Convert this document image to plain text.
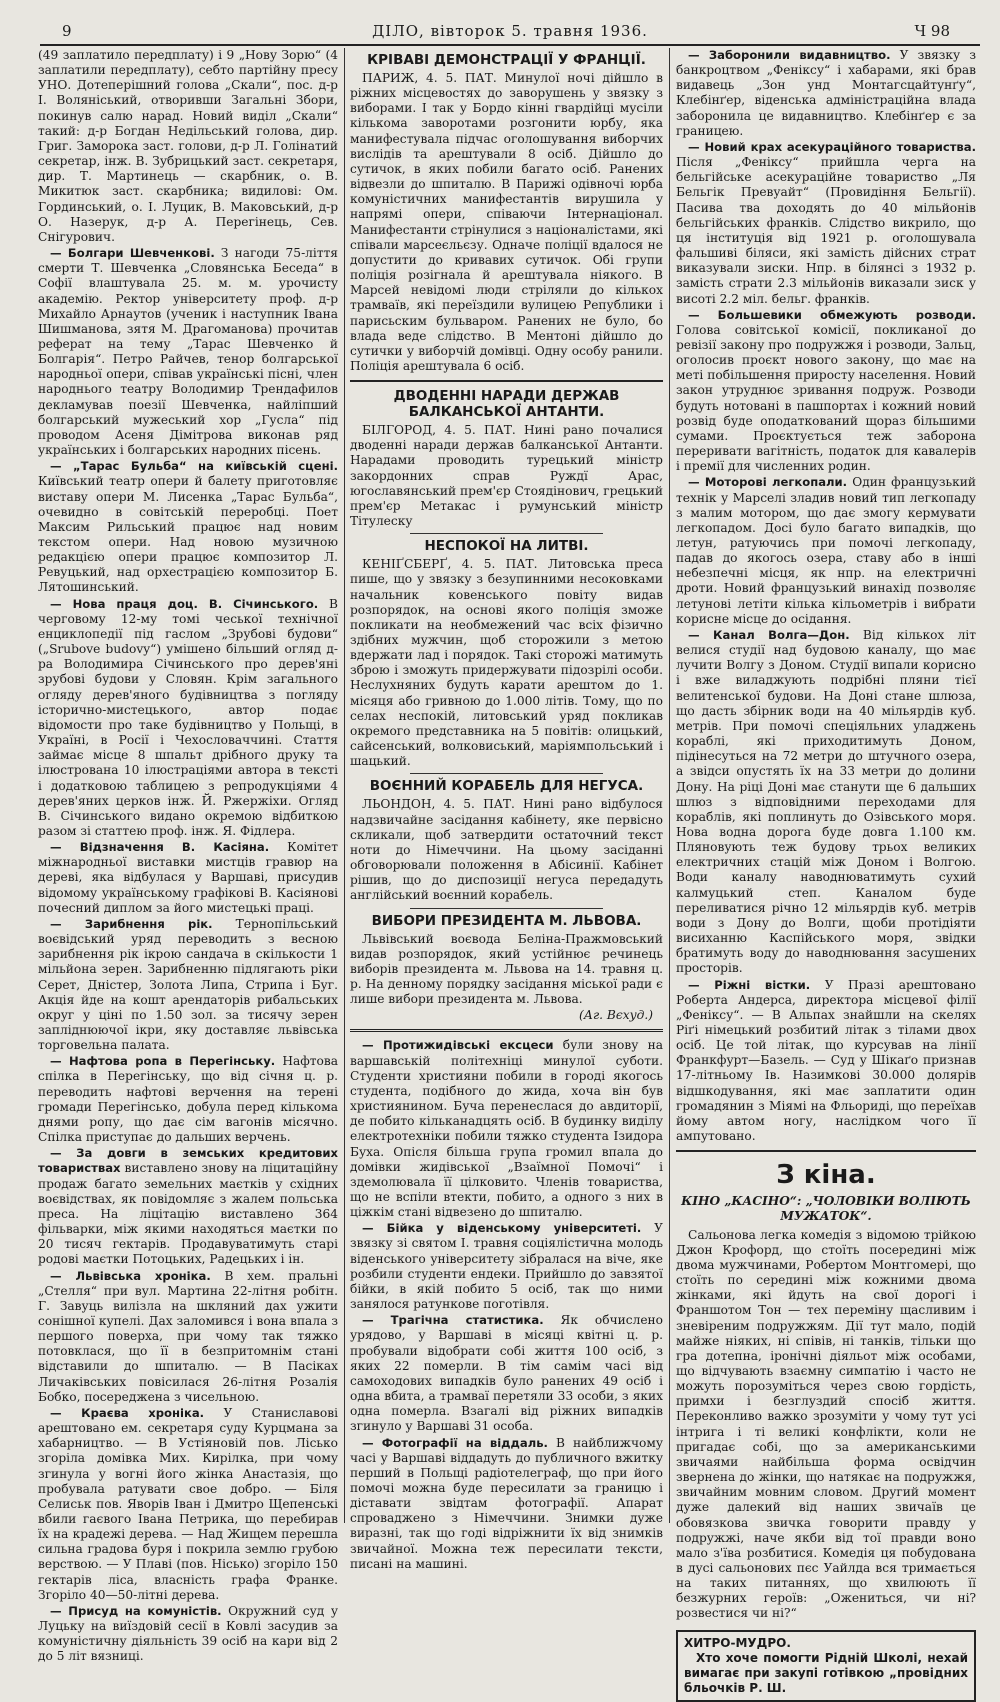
9	ДІЛО, вівторок 5. травня 1936.	Ч 98

(49 заплатило передплату) і 9 „Нову Зорю“ (4 заплатили передплату), себто партійну пресу УНО. Дотеперішний голова „Скали“, пос. д-р І. Воляніський, отворивши Загальні Збори, покинув салю нарад. Новий виділ „Скали“ такий: д-р Богдан Недільський голова, дир. Григ. Заморока заст. голови, д-р Л. Голінатий секретар, інж. В. Зубрицький заст. секретаря, дир. Т. Мартинець — скарбник, о. В. Микитюк заст. скарбника; видилові: Ом. Гординський, о. І. Луцик, В. Маковський, д-р О. Назерук, д-р А. Перегінець, Сев. Снігурович.

— Болгари Шевченкові. З нагоди 75-ліття смерти Т. Шевченка „Словянська Беседа“ в Софії влаштувала 25. м. м. урочисту академію. Ректор університету проф. д-р Михайло Арнаутов (ученик і наступник Івана Шишманова, зятя М. Драгоманова) прочитав реферат на тему „Тарас Шевченко й Болгарія“. Петро Райчев, тенор болгарської народньої опери, співав українські пісні, член народнього театру Володимир Трендафилов декламував поезії Шевченка, найліпший болгарський мужеський хор „Гусла“ під проводом Асеня Дімітрова виконав ряд українських і болгарських народних пісень.

— „Тарас Бульба“ на київській сцені. Київський театр опери й балету приготовляє виставу опери М. Лисенка „Тарас Бульба“, очевидно в совітській переробці. Поет Максим Рильський працює над новим текстом опери. Над новою музичною редакцією опери працює композитор Л. Ревуцький, над орхестрацією композитор Б. Лятошинський.

— Нова праця доц. В. Січинського. В черговому 12-му томі чеської технічної енциклопедії під гаслом „Зрубові будови“ („Srubove budovy“) умішено більший огляд д-ра Володимира Січинського про дерев'яні зрубові будови у Словян. Крім загального огляду дерев'яного будівництва з погляду історично-мистецького, автор подає відомости про таке будівництво у Польщі, в Україні, в Росії і Чехословаччині. Стаття займає місце 8 шпальт дрібного друку та ілюстрована 10 ілюстраціями автора в тексті і додатковою таблицею з репродукціями 4 дерев'яних церков інж. Й. Ржержіхи. Огляд В. Січинського видано окремою відбиткою разом зі статтею проф. інж. Я. Фідлера.

— Відзначення В. Касіяна. Комітет міжнародньої виставки мистців гравюр на дереві, яка відбулася у Варшаві, присудив відомому українському графікові В. Касіянові почесний диплом за його мистецькі праці.

— Зарибнення рік. Тернопільський воєвідський уряд переводить з весною зарибнення рік ікрою сандача в скількости 1 мільйона зерен. Зарибненню підлягають ріки Серет, Дністер, Золота Липа, Стрипа і Буг. Акція йде на кошт арендаторів рибальських округ у ціні по 1.50 зол. за тисячу зерен запліднюючої ікри, яку доставляє львівська торговельна палата.

— Нафтова ропа в Перегінську. Нафтова спілка в Перегінську, що від січня ц. р. переводить нафтові верчення на терені громади Перегінсько, добула перед кількома днями ропу, що дає сім вагонів місячно. Спілка приступає до дальших верчень.

— За довги в земських кредитових товариствах виставлено знову на ліцитаційну продаж багато земельних маєтків у східних воєвідствах, як повідомляє з жалем польська преса. На ліцітацію виставлено 364 фільварки, між якими находяться маєтки по 20 тисяч гектарів. Продавуватимуть старі родові маєтки Потоцьких, Радецьких і ін.

— Львівська хроніка. В хем. пральні „Стелля“ при вул. Мартина 22-літня робітн. Г. Завуць вилізла на шкляний дах ужити сонішної купелі. Дах заломився і вона впала з першого поверха, при чому так тяжко потовклася, що її в безпритомнім стані відставили до шпиталю. — В Пасіках Личаківських повісилася 26-літня Розалія Бобко, посереджена з чисельною.

— Краєва хроніка. У Станиславові арештовано ем. секретаря суду Курцмана за хабарництво. — В Устіяновій пов. Лісько згоріла домівка Мих. Кирілка, при чому згинула у вогні його жінка Анастазія, що пробувала ратувати свое добро. — Біля Селиськ пов. Яворів Іван і Дмитро Щепенські вбили гаєвого Івана Петрика, що перебирав їх на крадежі дерева. — Над Жищем перешла сильна градова буря і покрила землю грубою верствою. — У Плаві (пов. Нісько) згоріло 150 гектарів ліса, власність графа Франке. Згоріло 40—50-літні дерева.

— Присуд на комуністів. Окружний суд у Луцьку на виїздовій сесії в Ковлі засудив за комуністичну діяльність 39 осіб на кари від 2 до 5 літ вязниці.

КРІВАВІ ДЕМОНСТРАЦІЇ У ФРАНЦІЇ.

ПАРИЖ, 4. 5. ПАТ. Минулої ночі дійшло в ріжних місцевостях до заворушень у звязку з виборами. І так у Бордо кінні гвардійці мусіли кількома заворотами розгонити юрбу, яка манифестувала підчас оголошування виборчих вислідів та арештували 8 осіб. Дійшло до сутичок, в яких побили багато осіб. Ранених відвезли до шпиталю. В Парижі одівночі юрба комуністичних манифестантів вирушила у напрямі опери, співаючи Інтернаціонал. Манифестанти стрінулися з націоналістами, які співали марсеєльєзу. Одначе поліції вдалося не допустити до кривавих сутичок. Обі групи поліція розігнала й арештувала ніякого. В Марсей невідомі люди стріляли до кількох трамваїв, які переїздили вулицею Републики і парисьским бульваром. Ранених не було, бо влада веде слідство. В Ментоні дійшло до сутички у виборчій домівці. Одну особу ранили. Поліція арештувала 6 осіб.

ДВОДЕННІ НАРАДИ ДЕРЖАВ БАЛКАНСЬКОЇ АНТАНТИ.

БІЛГОРОД, 4. 5. ПАТ. Нині рано почалися дводенні наради держав балканської Антанти. Нарадами проводить турецький міністр закордонних справ Руждї Арас, югославянський прем'єр Стоядінович, грецький прем'єр Метакас і румунський міністр Тітулеску

НЕСПОКОЇ НА ЛИТВІ.

КЕНІҐСБЕРҐ, 4. 5. ПАТ. Литовська преса пише, що у звязку з безупинними несоковками начальник ковенського повіту видав розпорядок, на основі якого поліція зможе покликати на необмежений час всіх фізично здібних мужчин, щоб сторожили з метою вдержати лад і порядок. Такі сторожі матимуть зброю і зможуть придержувати підозрілі особи. Неслухняних будуть карати арештом до 1. місяця або гривною до 1.000 літів. Тому, що по селах неспокій, литовський уряд покликав окремого представника на 5 повітів: олицький, сайсенський, волковиський, маріямпольський і шацький.

ВОЄННИЙ КОРАБЕЛЬ ДЛЯ НЕГУСА.

ЛЬОНДОН, 4. 5. ПАТ. Нині рано відбулося надзвичайне засідання кабінету, яке первісно скликали, щоб затвердити остаточний текст ноти до Німеччини. На цьому засіданні обговорювали положення в Абісинії. Кабінет рішив, що до диспозиції негуса передадуть англійський воєнний корабель.

ВИБОРИ ПРЕЗИДЕНТА М. ЛЬВОВА.

Львівський воєвода Беліна-Пражмовський видав розпорядок, який устійнює речинець виборів президента м. Львова на 14. травня ц. р. На денному порядку засідання міської ради є лише вибори президента м. Львова.

(Аг. Вєхуд.)

— Протижидівські ексцеси були знову на варшавській політехніці минулої суботи. Студенти християни побили в городі якогось студента, подібного до жида, хоча він був християнином. Буча перенеслася до авдиторії, де побито кільканадцять осіб. В будинку виділу електротехніки побили тяжко студента Ізидора Буха. Опісля більша група громил впала до домівки жидівської „Взаїмної Помочі“ і здемолювала її цілковито. Членів товариства, що не вспіли втекти, побито, а одного з них в ціжкім стані відвезено до шпиталю.

— Бійка у віденському університеті. У звязку зі святом І. травня соціялістична молодь віденського університету зібралася на віче, яке розбили студенти ендеки. Прийшло до завзятої бійки, в якій побито 5 осіб, так що ними занялося ратункове поготівля.

— Трагічна статистика. Як обчислено урядово, у Варшаві в місяці квітні ц. р. пробували відобрати собі життя 100 осіб, з яких 22 померли. В тім самім часі від самоходових випадків було ранених 49 осіб і одна вбита, а трамваї перетяли 33 особи, з яких одна померла. Взагалі від ріжних випадків згинуло у Варшаві 31 особа.

— Фотографії на віддаль. В найближчому часі у Варшаві віддадуть до публичного вжитку перший в Польщі радіотелеграф, що при його помочі можна буде пересилати за границю і діставати звідтам фотографії. Апарат спроваджено з Німеччини. Знимки дуже виразні, так що годі відріжнити їх від знимків звичайної. Можна теж пересилати тексти, писані на машині.

— Заборонили видавництво. У звязку з банкроцтвом „Феніксу“ і хабарами, які брав видавець „Зон унд Монтагсцайтунґу“, Клебінґер, віденська адміністраційна влада заборонила це видавництво. Клебінґер є за границею.

— Новий крах асекураційного товариства. Після „Феніксу“ прийшла черга на бельгійське асекураційне товариство „Ля Бельгік Превуайт“ (Провидіння Бельгії). Пасива тва доходять до 40 мільйонів бельгійських франків. Слідство викрило, що ця інституція від 1921 р. оголошувала фальшиві біляси, які замість дійсних страт виказували зиски. Нпр. в білянсі з 1932 р. замість страти 2.3 мільйонів виказали зиск у висоті 2.2 міл. бельг. франків.

— Большевики обмежують розводи. Голова совітської комісії, покликаної до ревізії закону про подружжя і розводи, Зальц, оголосив проєкт нового закону, що має на меті побільшення приросту населення. Новий закон утруднює зривання подруж. Розводи будуть нотовані в пашпортах і кожний новий розвід буде оподаткований щораз більшими сумами. Проєктується теж заборона переривати вагітність, податок для кавалерів і премії для численних родин.

— Моторові легкопали. Один французький технік у Марселі зладив новий тип легкопаду з малим мотором, що дає змогу кермувати легкопадом. Досі було багато випадків, що летун, ратуючись при помочі легкопаду, падав до якогось озера, ставу або в інші небезпечні місця, як нпр. на електричні дроти. Новий французький винахід позволяє летунові летіти кілька кільометрів і вибрати корисне місце до осідання.

— Канал Волга—Дон. Від кількох літ велися студії над будовою каналу, що має лучити Волгу з Доном. Студії випали корисно і вже виладжують подрібні пляни тієї велитенської будови. На Доні стане шлюза, що дасть збірник води на 40 мільярдів куб. метрів. При помочі спеціяльних уладжень кораблі, які приходитимуть Доном, підінесуться на 72 метри до штучного озера, а звідси опустять їх на 33 метри до долини Дону. На ріці Доні має станути ще 6 дальших шлюз з відповідними переходами для кораблів, які поплинуть до Озівського моря. Нова водна дорога буде довга 1.100 км. Пляновують теж будову трьох великих електричних стацій між Доном і Волгою. Води каналу наводнюватимуть сухий калмуцький степ. Каналом буде переливатися річно 12 мільярдів куб. метрів води з Дону до Волги, щоби протідіяти висиханню Каспійського моря, звідки братимуть воду до наводнювання засушених просторів.

— Ріжні вістки. У Празі арештовано Роберта Андерса, директора місцевої філії „Феніксу“. — В Альпах знайшли на скелях Ріґі німецький розбитий літак з тілами двох осіб. Це той літак, що курсував на лінії Франкфурт—Базель. — Суд у Шікаґо признав 17-літньому Ів. Назимкові 30.000 долярів відшкодування, які має заплатити один громадянин з Міямі на Фльориді, що переїхав йому автом ногу, наслідком чого її ампутовано.

З кіна.
КІНО „КАСІНО“: „ЧОЛОВІКИ ВОЛІЮТЬ МУЖАТОК“.

Сальонова легка комедія з відомою трійкою Джон Крофорд, що стоїть посередині між двома мужчинами, Робертом Монтгомері, що стоїть по середині між кожними двома жінками, які йдуть на свої дорогі і Франшотом Тон — тех переміну щасливим і зневіреним подружжям. Дії тут мало, подій майже ніяких, ні співів, ні танків, тільки що гра дотепна, іронічні діяльот між особами, що відчувають взаємну симпатію і часто не можуть порозуміться через свою гордість, примхи і безглуздий спосіб життя. Переконливо важко зрозуміти у чому тут усі інтрига і ті великі конфлікти, коли не пригадає собі, що за американськими звичаями найбільша форма освідчин звернена до жінки, що натякає на подружжя, звичайним мовним словом. Другий момент дуже далекий від наших звичаїв це обовязкова звичка говорити правду у подружжі, наче якби від тої правди воно мало з'їва розбитися. Комедія ця побудована в дусі сальонових пєс Уайлда вся тримається на таких питаннях, що хвилюють її безжурних героїв: „Ожениться, чи ні? розвестися чи ні?“

ХИТРО-МУДРО.
Хто хоче помогти Рідній Школі, нехай вимагає при закупі готівкою „провідних бльочків Р. Ш.
